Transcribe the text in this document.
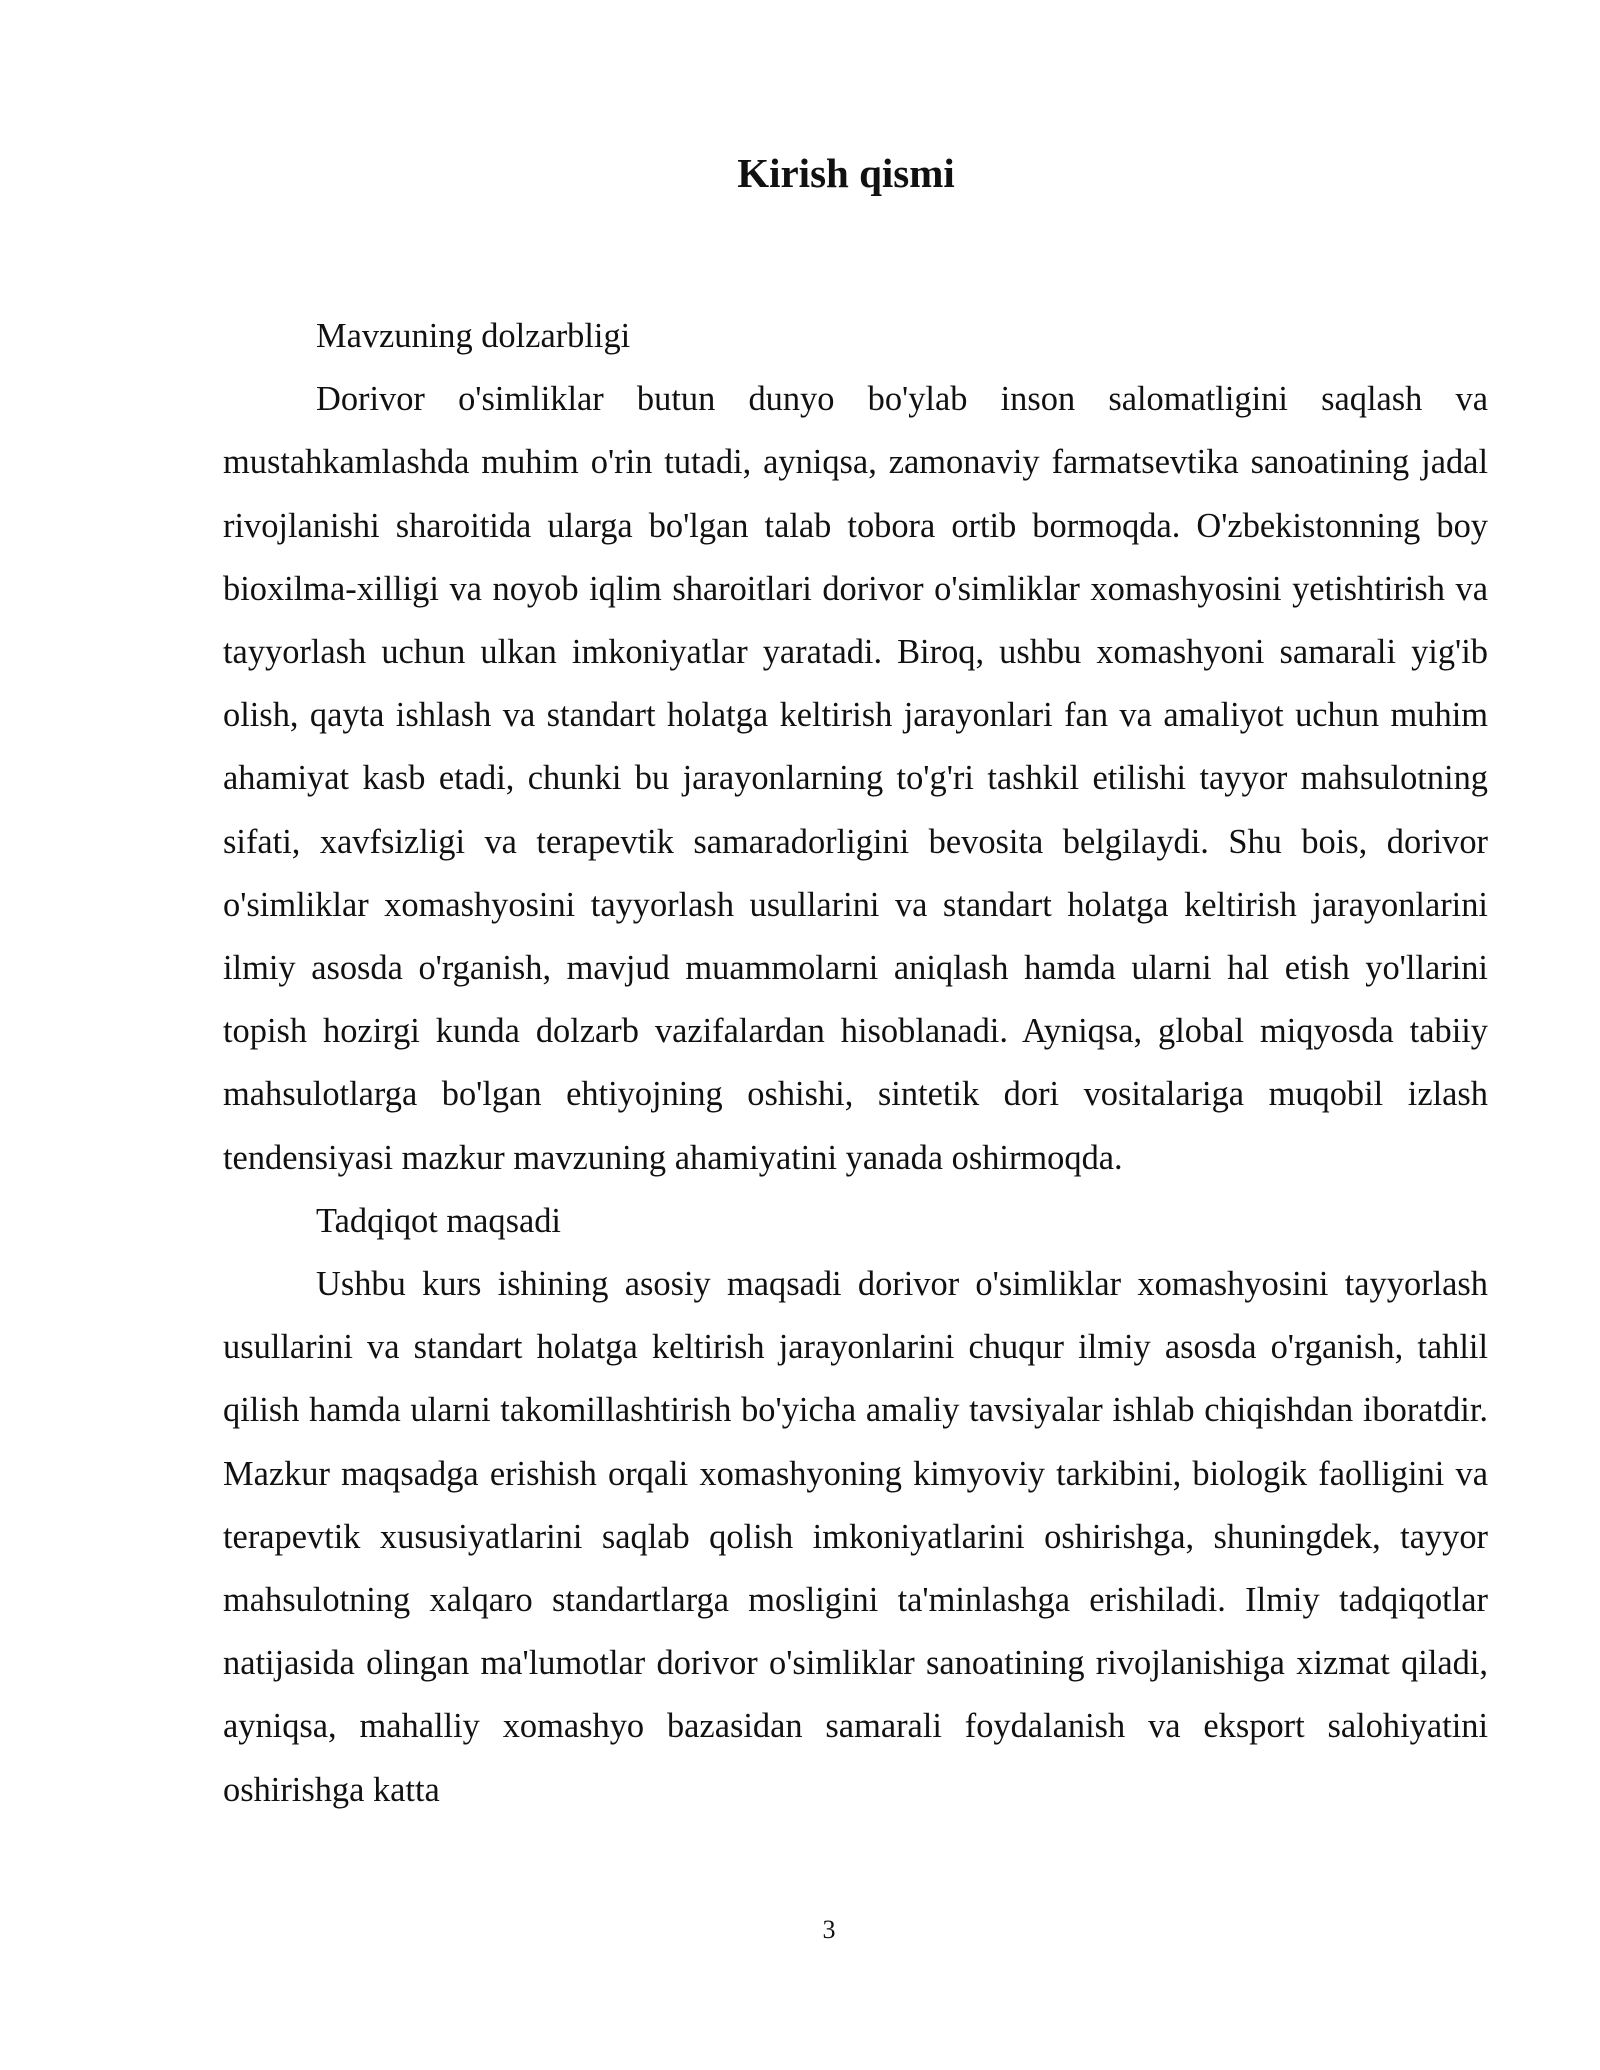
Kirish qismi

Mavzuning dolzarbligi

Dorivor o'simliklar butun dunyo bo'ylab inson salomatligini saqlash va mustahkamlashda muhim o'rin tutadi, ayniqsa, zamonaviy farmatsevtika sanoatining jadal rivojlanishi sharoitida ularga bo'lgan talab tobora ortib bormoqda. O'zbekistonning boy bioxilma-xilligi va noyob iqlim sharoitlari dorivor o'simliklar xomashyosini yetishtirish va tayyorlash uchun ulkan imkoniyatlar yaratadi. Biroq, ushbu xomashyoni samarali yig'ib olish, qayta ishlash va standart holatga keltirish jarayonlari fan va amaliyot uchun muhim ahamiyat kasb etadi, chunki bu jarayonlarning to'g'ri tashkil etilishi tayyor mahsulotning sifati, xavfsizligi va terapevtik samaradorligini bevosita belgilaydi. Shu bois, dorivor o'simliklar xomashyosini tayyorlash usullarini va standart holatga keltirish jarayonlarini ilmiy asosda o'rganish, mavjud muammolarni aniqlash hamda ularni hal etish yo'llarini topish hozirgi kunda dolzarb vazifalardan hisoblanadi. Ayniqsa, global miqyosda tabiiy mahsulotlarga bo'lgan ehtiyojning oshishi, sintetik dori vositalariga muqobil izlash tendensiyasi mazkur mavzuning ahamiyatini yanada oshirmoqda.

Tadqiqot maqsadi

Ushbu kurs ishining asosiy maqsadi dorivor o'simliklar xomashyosini tayyorlash usullarini va standart holatga keltirish jarayonlarini chuqur ilmiy asosda o'rganish, tahlil qilish hamda ularni takomillashtirish bo'yicha amaliy tavsiyalar ishlab chiqishdan iboratdir. Mazkur maqsadga erishish orqali xomashyoning kimyoviy tarkibini, biologik faolligini va terapevtik xususiyatlarini saqlab qolish imkoniyatlarini oshirishga, shuningdek, tayyor mahsulotning xalqaro standartlarga mosligini ta'minlashga erishiladi. Ilmiy tadqiqotlar natijasida olingan ma'lumotlar dorivor o'simliklar sanoatining rivojlanishiga xizmat qiladi, ayniqsa, mahalliy xomashyo bazasidan samarali foydalanish va eksport salohiyatini oshirishga katta

3
